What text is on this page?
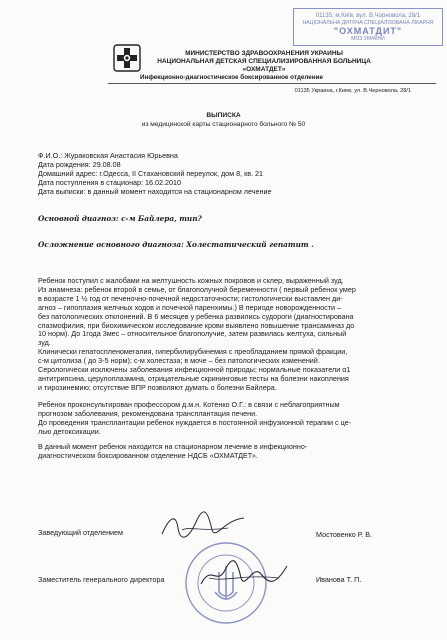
МИНИСТЕРСТВО ЗДРАВООХРАНЕНИЯ УКРАИНЫ
НАЦИОНАЛЬНАЯ ДЕТСКАЯ СПЕЦИАЛИЗИРОВАННАЯ БОЛЬНИЦА
«ОХМАТДЕТ»
Инфекционно-диагностическое боксированное отделение
01135, м.Київ, вул. В.Чорновола, 28/1
НАЦІОНАЛЬНА ДИТЯЧА СПЕЦІАЛІЗОВАНА ЛІКАРНЯ
"ОХМАТДИТ"
МОЗ УКРАЇНИ
01135 Украина, г.Киев, ул. В.Черновола, 28/1
ВЫПИСКА
из медицинской карты стационарного больного № 50
Ф.И.О.: Жураковская Анастасия Юрьевна
Дата рождения: 29.08.08
Домашний адрес: г.Одесса, II Стахановский переулок, дом 8, кв. 21
Дата поступления в стационар: 16.02.2010
Дата выписки: в данный момент находится на стационарном лечение
Основной диагноз: с-м Байлера, тип?
Осложнение основного диагноза: Холестатический гепатит .
Ребенок поступил с жалобами на желтушность кожных покровов и склер, выраженный зуд.
Из анамнеза: ребенок второй в семье, от благополучной беременности ( первый ребенок умер
в возрасте 1 ½ год от печеночно-почечной недостаточности; гистологически выставлен ди-
агноз – гипоплазия желчных ходов и почечной паренхимы.) В периоде новорожденности –
без патологических отклонений. В 6 месяцев у ребенка развились судороги (диагностирована
спазмофилия, при биохимическом исследование крови выявлено повышение трансаминаз до
10 норм). До 1года 3мес – относительное благополучие, затем развилась желтуха, сильный
зуд.
Клинически гепатоспленомегалия, гипербилирубинемия с преобладанием прямой фракции,
с-м цитолиза ( до 3-5 норм); с-м холестаза; в моче – без патологических изменений.
Серологически исключены заболевания инфекционной природы; нормальные показатели α1
антитрипсина, церулоплазмина, отрицательные скрининговые тесты на болезни накопления
и тирозинемию; отсутствие ВПР позволяют думать о болезни Байлера.
Ребенок проконсультирован профессором д.м.н. Котенко О.Г.: в связи с неблагоприятным
прогнозом заболевания, рекомендована трансплантация печени.
До проведения трансплантации ребенок нуждается в постоянной инфузионной терапии с це-
лью детоксикации.
В данный момент ребенок находится на стационарном лечение в инфекционно-
диагностическом боксированном отделение НДСБ «ОХМАТДЕТ».
Заведующий отделением	Мостовенко Р. В.
Заместитель генерального директора	Иванова Т. П.
